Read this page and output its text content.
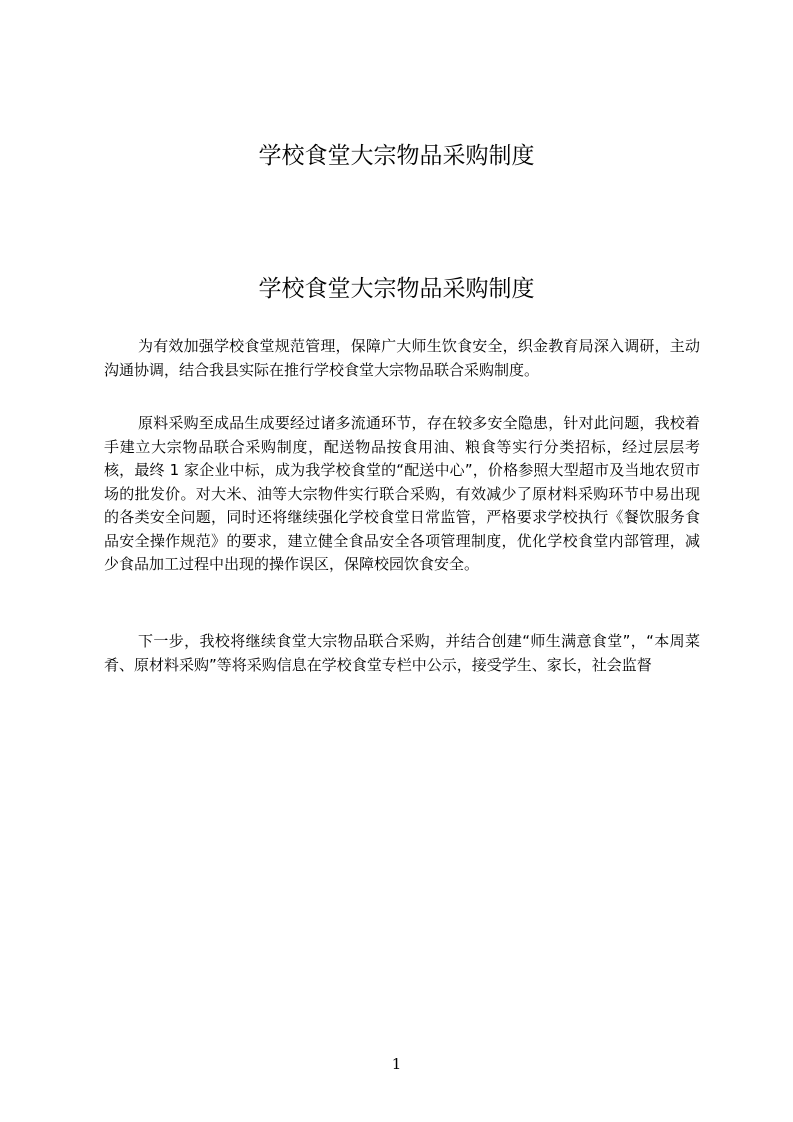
学校食堂大宗物品采购制度
学校食堂大宗物品采购制度

为有效加强学校食堂规范管理，保障广大师生饮食安全，织金教育局深入调研，主动沟通协调，结合我县实际在推行学校食堂大宗物品联合采购制度。

原料采购至成品生成要经过诸多流通环节，存在较多安全隐患，针对此问题，我校着手建立大宗物品联合采购制度，配送物品按食用油、粮食等实行分类招标，经过层层考核，最终 1 家企业中标，成为我学校食堂的“配送中心”，价格参照大型超市及当地农贸市场的批发价。对大米、油等大宗物件实行联合采购，有效减少了原材料采购环节中易出现的各类安全问题，同时还将继续强化学校食堂日常监管，严格要求学校执行《餐饮服务食品安全操作规范》的要求，建立健全食品安全各项管理制度，优化学校食堂内部管理，减少食品加工过程中出现的操作误区，保障校园饮食安全。

下一步，我校将继续食堂大宗物品联合采购，并结合创建“师生满意食堂”，“本周菜肴、原材料采购”等将采购信息在学校食堂专栏中公示，接受学生、家长，社会监督

1
